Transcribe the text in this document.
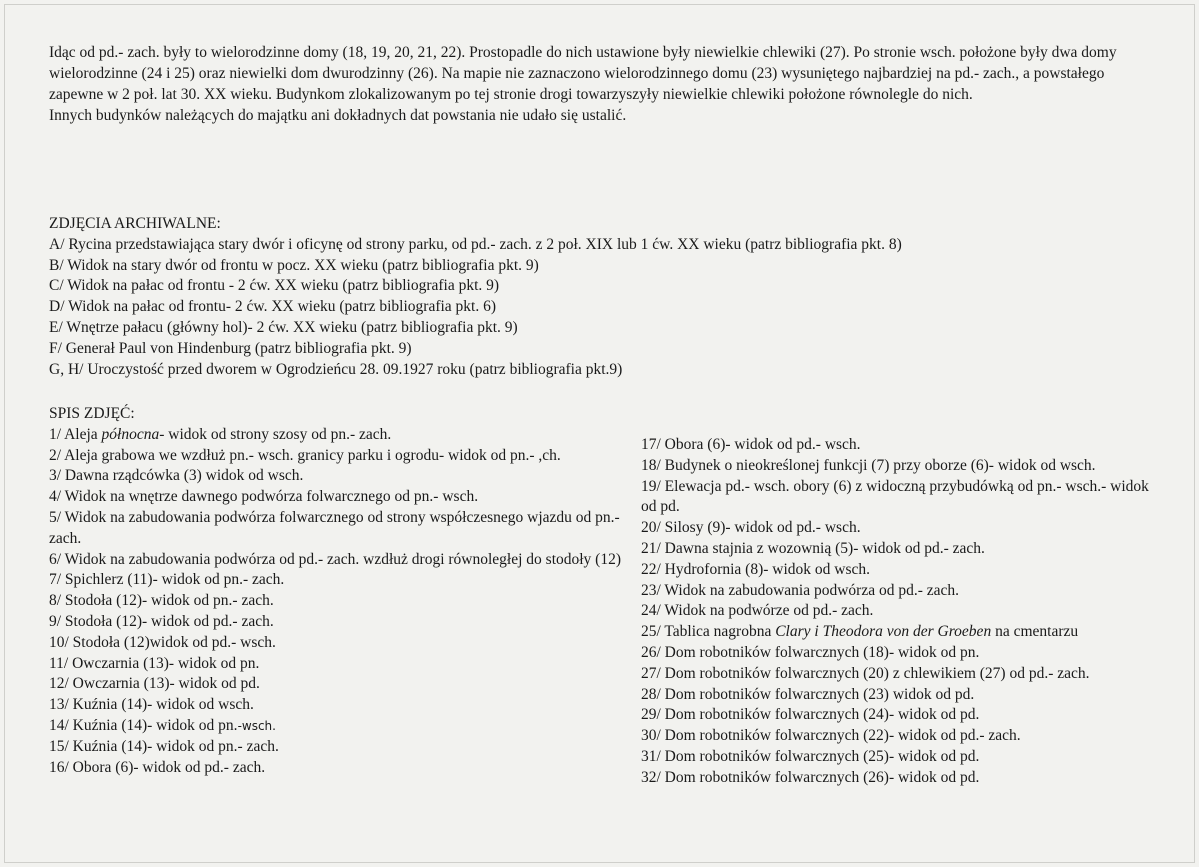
Idąc od pd.- zach. były to wielorodzinne domy (18, 19, 20, 21, 22). Prostopadle do nich ustawione były niewielkie chlewiki (27). Po stronie wsch. położone były dwa domy wielorodzinne (24 i 25) oraz niewielki dom dwurodzinny (26). Na mapie nie zaznaczono wielorodzinnego domu (23) wysuniętego najbardziej na pd.- zach., a powstałego zapewne w 2 poł. lat 30. XX wieku. Budynkom zlokalizowanym po tej stronie drogi towarzyszyły niewielkie chlewiki położone równolegle do nich.

Innych budynków należących do majątku ani dokładnych dat powstania nie udało się ustalić.

ZDJĘCIA ARCHIWALNE:
A/ Rycina przedstawiająca stary dwór i oficynę od strony parku, od pd.- zach. z 2 poł. XIX lub 1 ćw. XX wieku (patrz bibliografia pkt. 8)
B/ Widok na stary dwór od frontu w pocz. XX wieku (patrz bibliografia pkt. 9)
C/ Widok na pałac od frontu - 2 ćw. XX wieku (patrz bibliografia pkt. 9)
D/ Widok na pałac od frontu- 2 ćw. XX wieku (patrz bibliografia pkt. 6)
E/ Wnętrze pałacu (główny hol)- 2 ćw. XX wieku (patrz bibliografia pkt. 9)
F/ Generał Paul von Hindenburg (patrz bibliografia pkt. 9)
G, H/ Uroczystość przed dworem w Ogrodzieńcu 28. 09.1927 roku (patrz bibliografia pkt.9)
SPIS ZDJĘĆ:
1/ Aleja północna- widok od strony szosy od pn.- zach.
2/ Aleja grabowa we wzdłuż pn.- wsch. granicy parku i ogrodu- widok od pn.- ,ch.
3/ Dawna rządcówka (3) widok od wsch.
4/ Widok na wnętrze dawnego podwórza folwarcznego od pn.- wsch.
5/ Widok na zabudowania podwórza folwarcznego od strony współczesnego wjazdu od pn.- zach.
6/ Widok na zabudowania podwórza od pd.- zach. wzdłuż drogi równoległej do stodoły (12)
7/ Spichlerz (11)- widok od pn.- zach.
8/ Stodoła (12)- widok od pn.- zach.
9/ Stodoła (12)- widok od pd.- zach.
10/ Stodoła (12)widok od pd.- wsch.
11/ Owczarnia (13)- widok od pn.
12/ Owczarnia (13)- widok od pd.
13/ Kuźnia (14)- widok od wsch.
14/ Kuźnia (14)- widok od pn.-wsch.
15/ Kuźnia (14)- widok od pn.- zach.
16/ Obora (6)- widok od pd.- zach.
17/ Obora (6)- widok od pd.- wsch.
18/ Budynek o nieokreślonej funkcji (7) przy oborze (6)- widok od wsch.
19/ Elewacja pd.- wsch. obory (6) z widoczną przybudówką od pn.- wsch.- widok od pd.
20/ Silosy (9)- widok od pd.- wsch.
21/ Dawna stajnia z wozownią (5)- widok od pd.- zach.
22/ Hydrofornia (8)- widok od wsch.
23/ Widok na zabudowania podwórza od pd.- zach.
24/ Widok na podwórze od pd.- zach.
25/ Tablica nagrobna Clary i Theodora von der Groeben na cmentarzu
26/ Dom robotników folwarcznych (18)- widok od pn.
27/ Dom robotników folwarcznych (20) z chlewikiem (27) od pd.- zach.
28/ Dom robotników folwarcznych (23) widok od pd.
29/ Dom robotników folwarcznych (24)- widok od pd.
30/ Dom robotników folwarcznych (22)- widok od pd.- zach.
31/ Dom robotników folwarcznych (25)- widok od pd.
32/ Dom robotników folwarcznych (26)- widok od pd.
